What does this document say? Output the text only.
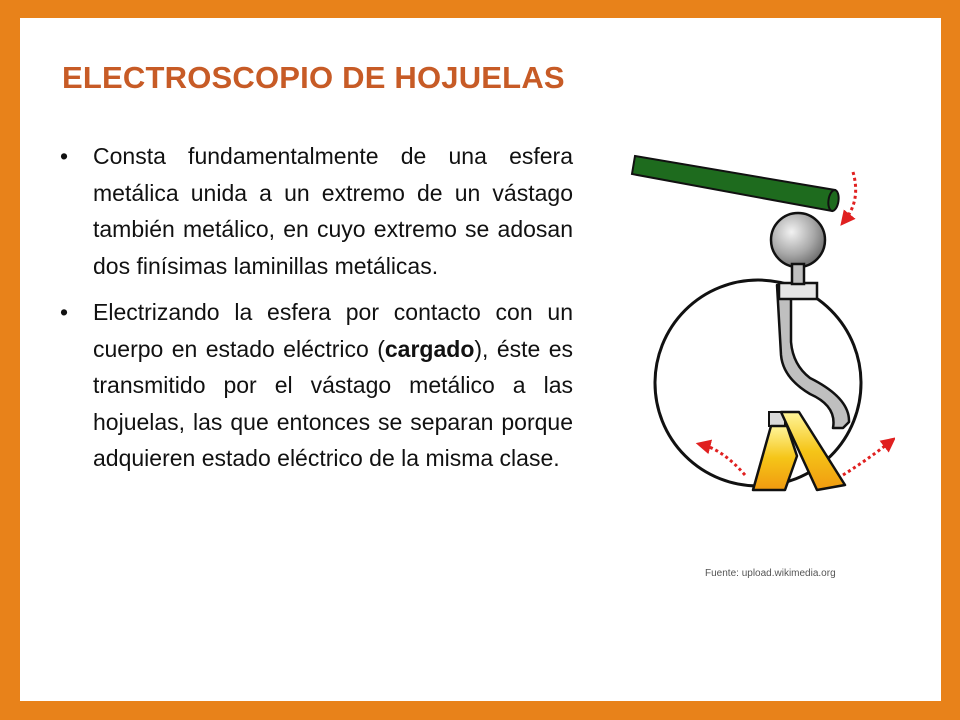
ELECTROSCOPIO DE HOJUELAS
• Consta fundamentalmente de una esfera metálica unida a un extremo de un vástago también metálico, en cuyo extremo se adosan dos finísimas laminillas metálicas.
• Electrizando la esfera por contacto con un cuerpo en estado eléctrico (cargado), éste es transmitido por el vástago metálico a las hojuelas, las que entonces se separan porque adquieren estado eléctrico de la misma clase.
Fuente: upload.wikimedia.org
